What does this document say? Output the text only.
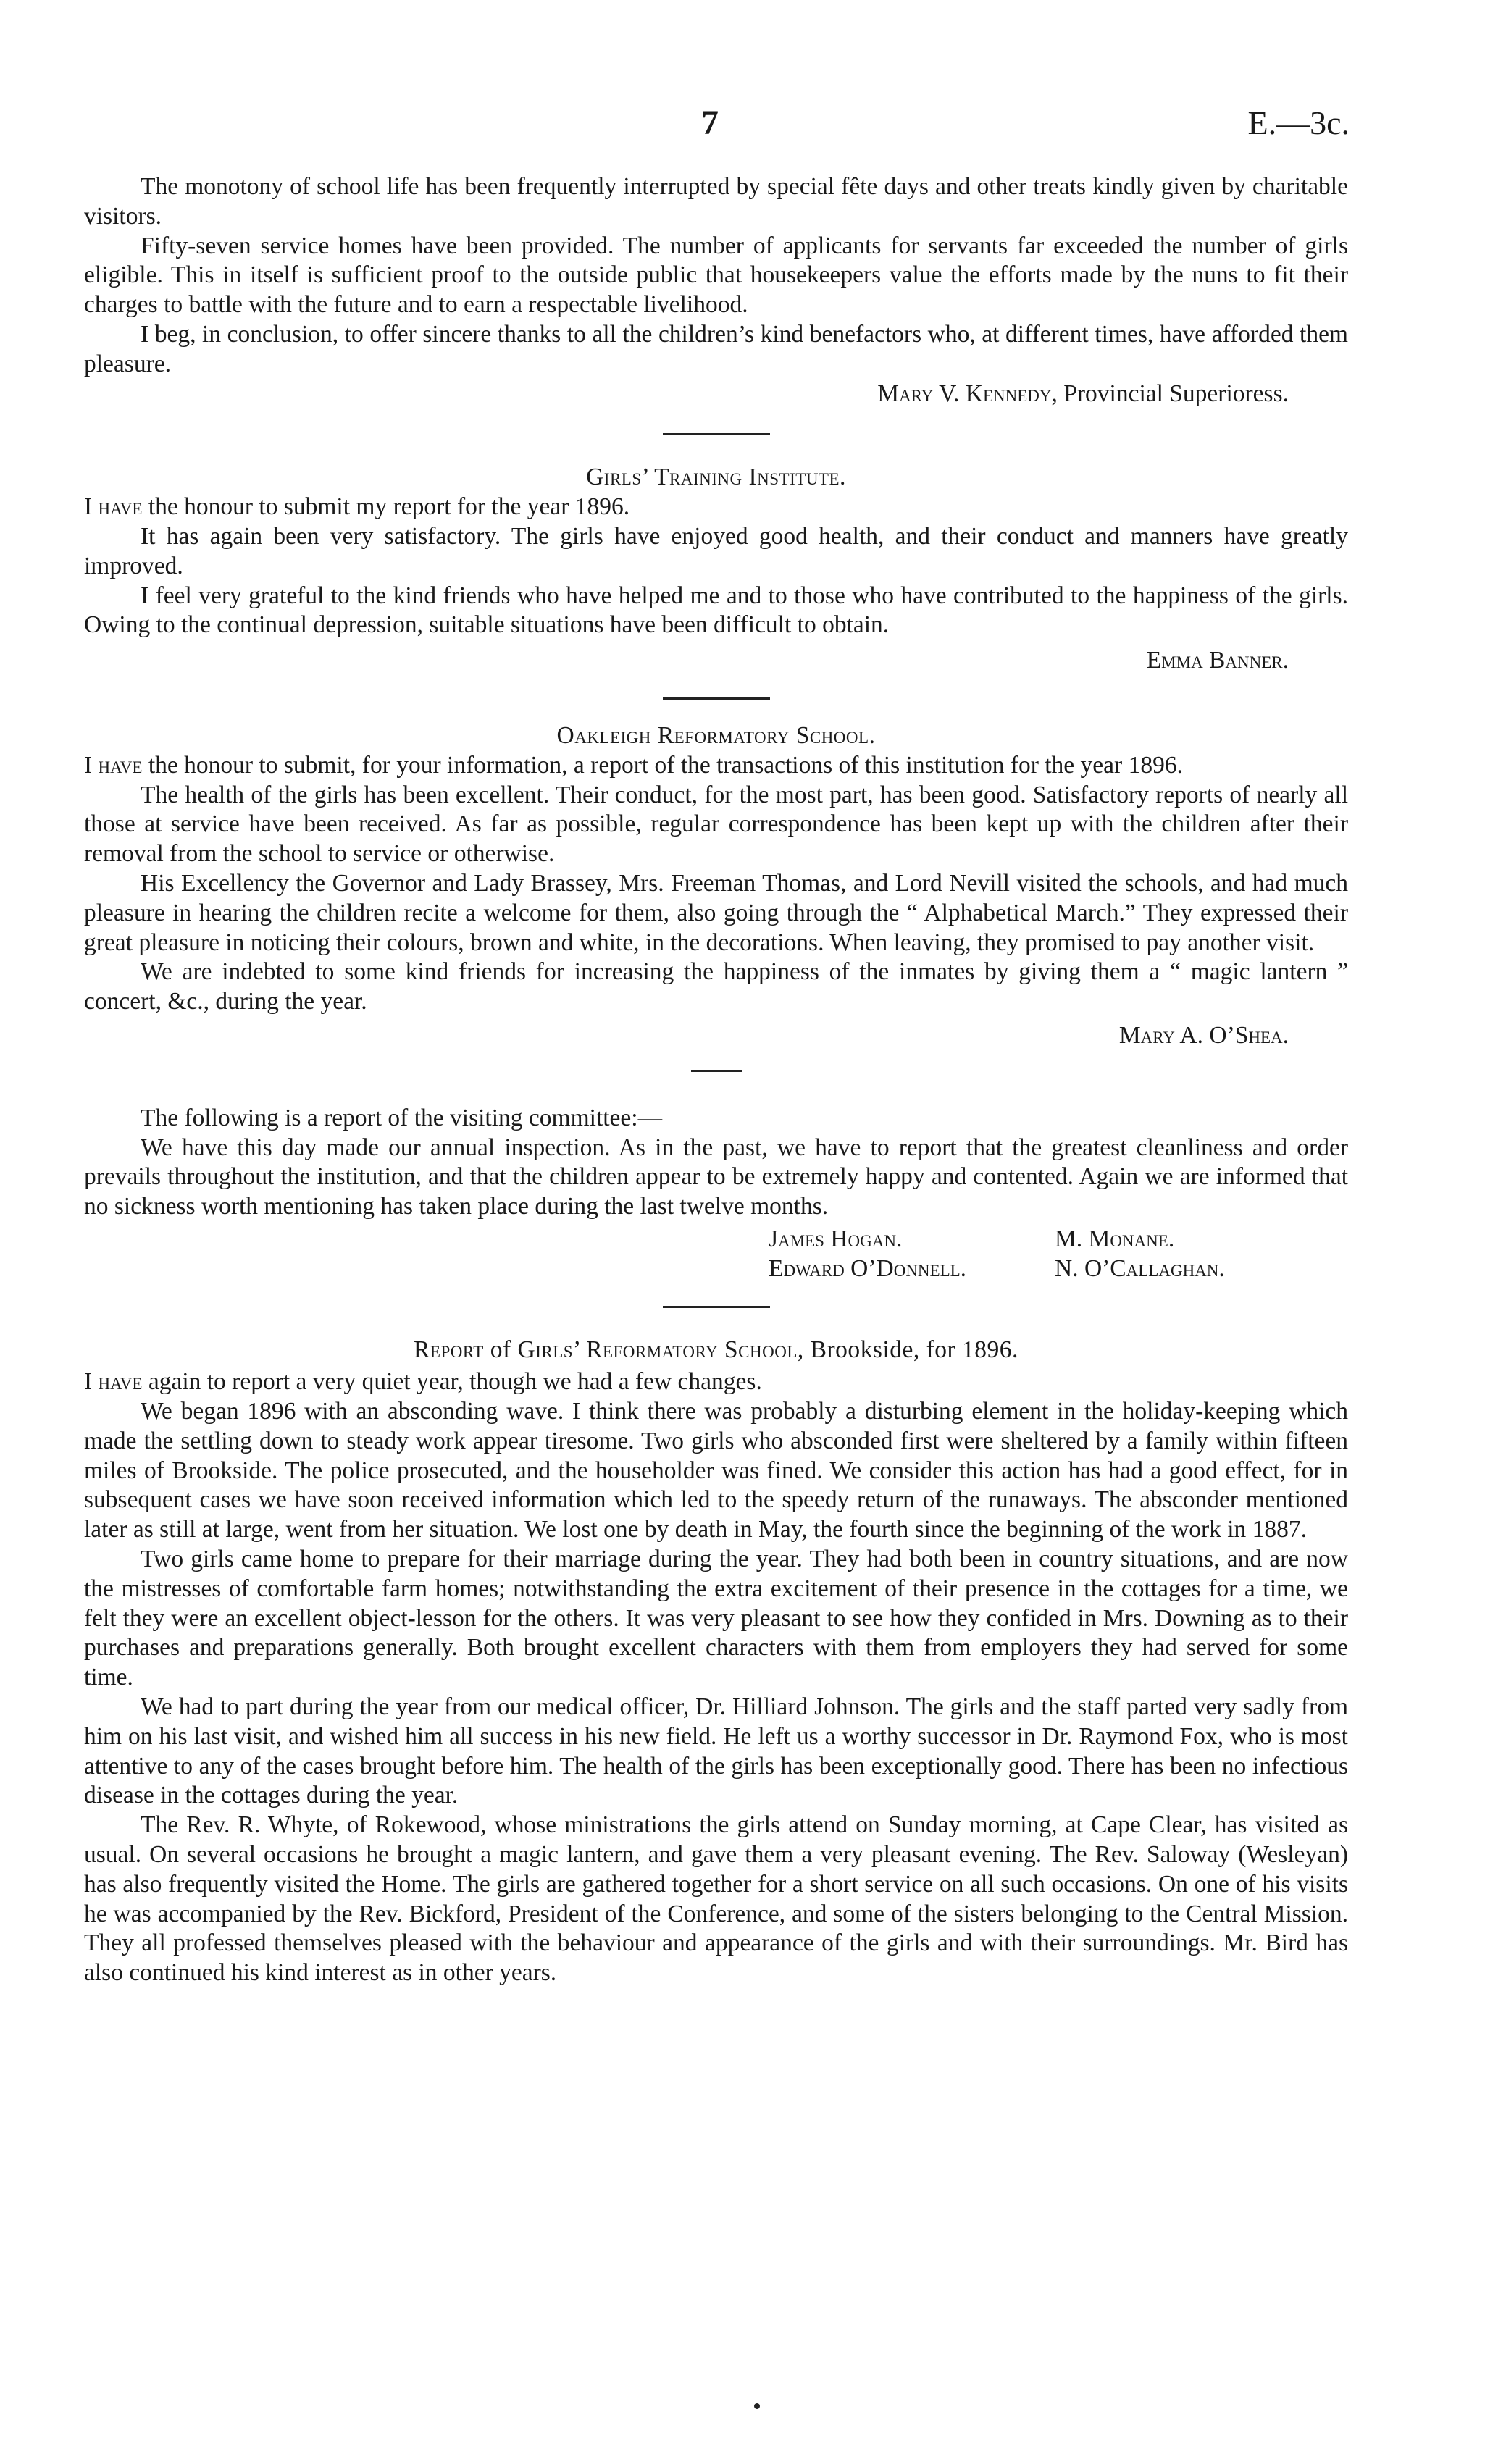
7	E.—3c.

The monotony of school life has been frequently interrupted by special fête days and other treats kindly given by charitable visitors.

Fifty-seven service homes have been provided. The number of applicants for servants far exceeded the number of girls eligible. This in itself is sufficient proof to the outside public that housekeepers value the efforts made by the nuns to fit their charges to battle with the future and to earn a respectable livelihood.

I beg, in conclusion, to offer sincere thanks to all the children’s kind benefactors who, at different times, have afforded them pleasure.

Mary V. Kennedy, Provincial Superioress.

Girls’ Training Institute.

I have the honour to submit my report for the year 1896.

It has again been very satisfactory. The girls have enjoyed good health, and their conduct and manners have greatly improved.

I feel very grateful to the kind friends who have helped me and to those who have contributed to the happiness of the girls. Owing to the continual depression, suitable situations have been difficult to obtain.

Emma Banner.

Oakleigh Reformatory School.

I have the honour to submit, for your information, a report of the transactions of this institution for the year 1896.

The health of the girls has been excellent. Their conduct, for the most part, has been good. Satisfactory reports of nearly all those at service have been received. As far as possible, regular correspondence has been kept up with the children after their removal from the school to service or otherwise.

His Excellency the Governor and Lady Brassey, Mrs. Freeman Thomas, and Lord Nevill visited the schools, and had much pleasure in hearing the children recite a welcome for them, also going through the “ Alphabetical March.” They expressed their great pleasure in noticing their colours, brown and white, in the decorations. When leaving, they promised to pay another visit.

We are indebted to some kind friends for increasing the happiness of the inmates by giving them a “ magic lantern ” concert, &c., during the year.

Mary A. O’Shea.

The following is a report of the visiting committee:—

We have this day made our annual inspection. As in the past, we have to report that the greatest cleanliness and order prevails throughout the institution, and that the children appear to be extremely happy and contented. Again we are informed that no sickness worth mentioning has taken place during the last twelve months.

James Hogan.	M. Monane.
Edward O’Donnell.	N. O’Callaghan.

Report of Girls’ Reformatory School, Brookside, for 1896.

I have again to report a very quiet year, though we had a few changes.

We began 1896 with an absconding wave. I think there was probably a disturbing element in the holiday-keeping which made the settling down to steady work appear tiresome. Two girls who absconded first were sheltered by a family within fifteen miles of Brookside. The police prosecuted, and the householder was fined. We consider this action has had a good effect, for in subsequent cases we have soon received information which led to the speedy return of the runaways. The absconder mentioned later as still at large, went from her situation. We lost one by death in May, the fourth since the beginning of the work in 1887.

Two girls came home to prepare for their marriage during the year. They had both been in country situations, and are now the mistresses of comfortable farm homes; notwithstanding the extra excitement of their presence in the cottages for a time, we felt they were an excellent object-lesson for the others. It was very pleasant to see how they confided in Mrs. Downing as to their purchases and preparations generally. Both brought excellent characters with them from employers they had served for some time.

We had to part during the year from our medical officer, Dr. Hilliard Johnson. The girls and the staff parted very sadly from him on his last visit, and wished him all success in his new field. He left us a worthy successor in Dr. Raymond Fox, who is most attentive to any of the cases brought before him. The health of the girls has been exceptionally good. There has been no infectious disease in the cottages during the year.

The Rev. R. Whyte, of Rokewood, whose ministrations the girls attend on Sunday morning, at Cape Clear, has visited as usual. On several occasions he brought a magic lantern, and gave them a very pleasant evening. The Rev. Saloway (Wesleyan) has also frequently visited the Home. The girls are gathered together for a short service on all such occasions. On one of his visits he was accompanied by the Rev. Bickford, President of the Conference, and some of the sisters belonging to the Central Mission. They all professed themselves pleased with the behaviour and appearance of the girls and with their surroundings. Mr. Bird has also continued his kind interest as in other years.
